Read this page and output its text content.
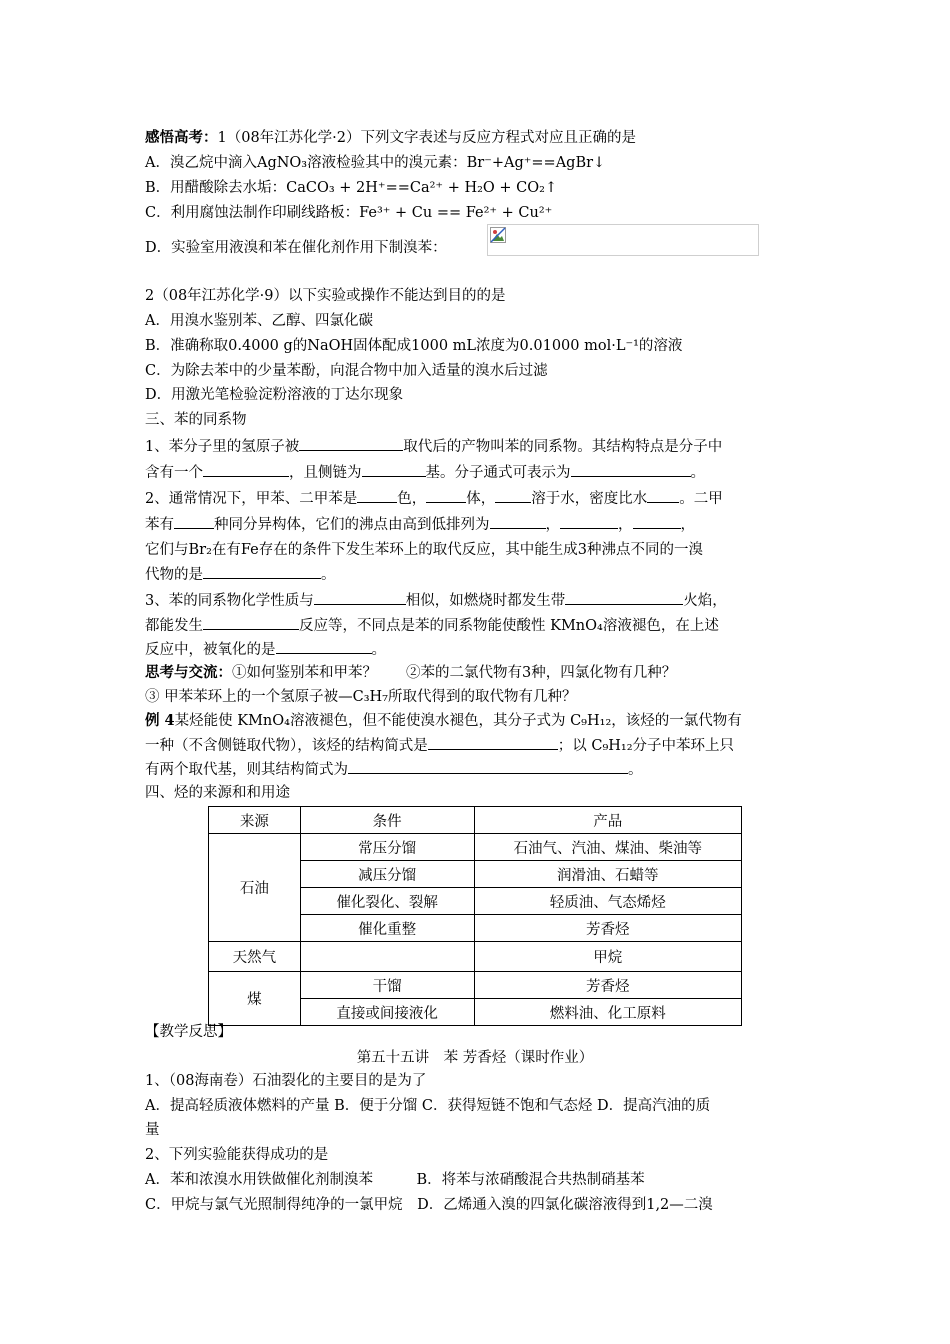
感悟高考：1（08年江苏化学·2）下列文字表述与反应方程式对应且正确的是
A．溴乙烷中滴入AgNO₃溶液检验其中的溴元素：Br⁻+Ag⁺==AgBr↓
B．用醋酸除去水垢：CaCO₃ + 2H⁺==Ca²⁺ + H₂O + CO₂↑
C．利用腐蚀法制作印刷线路板：Fe³⁺ + Cu == Fe²⁺ + Cu²⁺
D．实验室用液溴和苯在催化剂作用下制溴苯：
2（08年江苏化学·9）以下实验或操作不能达到目的的是
A．用溴水鉴别苯、乙醇、四氯化碳
B．准确称取0.4000 g的NaOH固体配成1000 mL浓度为0.01000 mol·L⁻¹的溶液
C．为除去苯中的少量苯酚，向混合物中加入适量的溴水后过滤
D．用激光笔检验淀粉溶液的丁达尔现象
三、苯的同系物
1、苯分子里的氢原子被	取代后的产物叫苯的同系物。其结构特点是分子中
含有一个	，且侧链为	基。分子通式可表示为	。
2、通常情况下，甲苯、二甲苯是	色，	体， 溶于水，密度比水 。二甲
苯有	种同分异构体，它们的沸点由高到低排列为	，	，	，
它们与Br₂在有Fe存在的条件下发生苯环上的取代反应，其中能生成3种沸点不同的一溴
代物的是	。
3、苯的同系物化学性质与	相似，如燃烧时都发生带	火焰，
都能发生	反应等，不同点是苯的同系物能使酸性 KMnO₄溶液褪色，在上述
反应中，被氧化的是	。
思考与交流：①如何鉴别苯和甲苯？　　 ②苯的二氯代物有3种，四氯化物有几种？
③ 甲苯苯环上的一个氢原子被—C₃H₇所取代得到的取代物有几种？
例 4某烃能使 KMnO₄溶液褪色，但不能使溴水褪色，其分子式为 C₉H₁₂，该烃的一氯代物有
一种（不含侧链取代物），该烃的结构简式是	；以 C₉H₁₂分子中苯环上只
有两个取代基，则其结构简式为	。
四、烃的来源和和用途
来源	条件	产品
石油	常压分馏	石油气、汽油、煤油、柴油等
	减压分馏	润滑油、石蜡等
	催化裂化、裂解	轻质油、气态烯烃
	催化重整	芳香烃
天然气		甲烷
煤	干馏	芳香烃
	直接或间接液化	燃料油、化工原料
【教学反思】
第五十五讲　苯 芳香烃（课时作业）
1、（08海南卷）石油裂化的主要目的是为了
A．提高轻质液体燃料的产量 B．便于分馏 C．获得短链不饱和气态烃 D．提高汽油的质
量
2、下列实验能获得成功的是
A．苯和浓溴水用铁做催化剂制溴苯　　　B．将苯与浓硝酸混合共热制硝基苯
C．甲烷与氯气光照制得纯净的一氯甲烷　D．乙烯通入溴的四氯化碳溶液得到1,2—二溴
